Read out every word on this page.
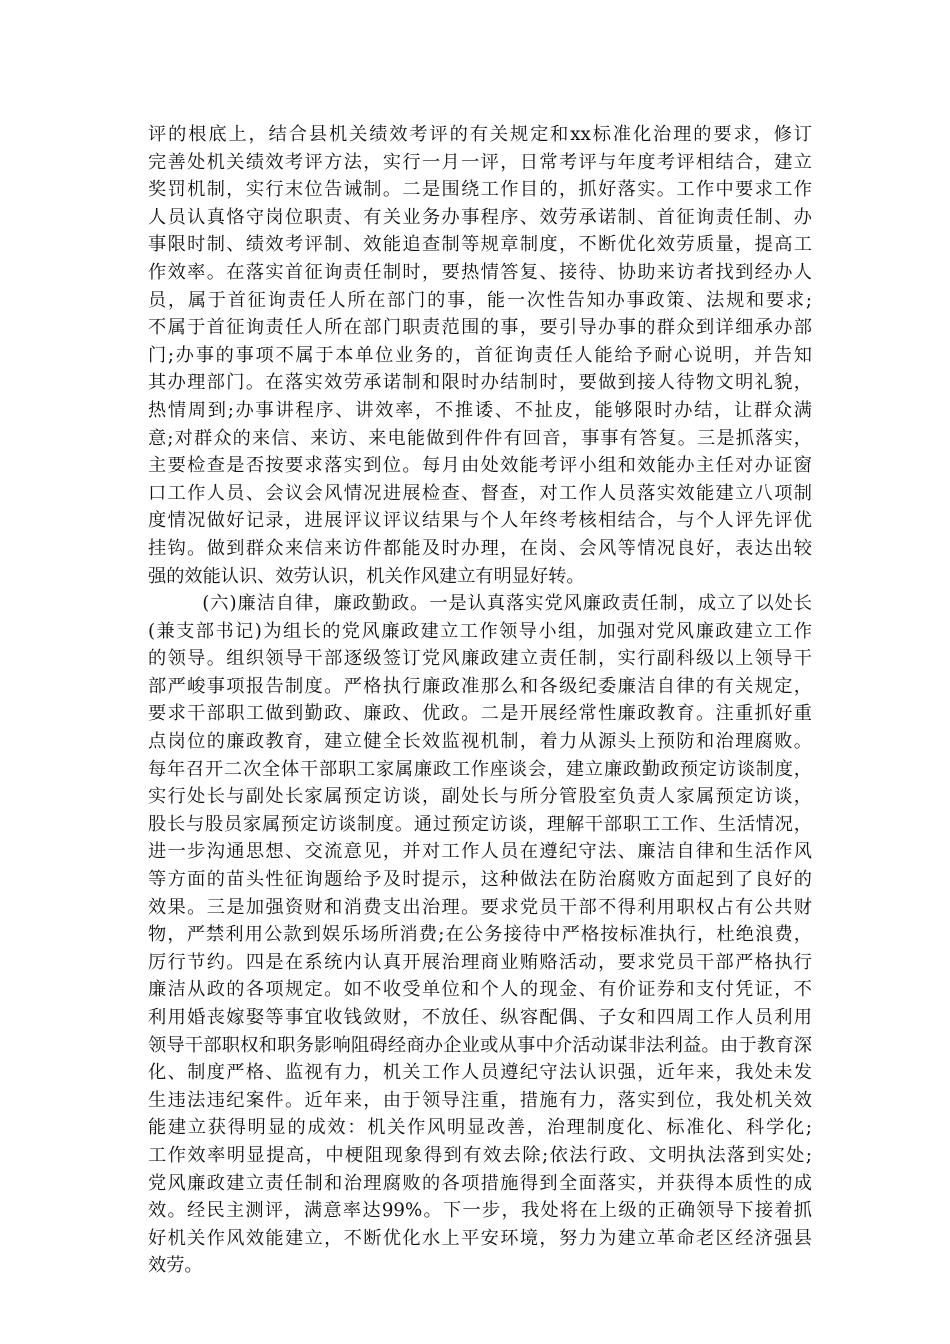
评的根底上，结合县机关绩效考评的有关规定和xx标准化治理的要求，修订
完善处机关绩效考评方法，实行一月一评，日常考评与年度考评相结合，建立
奖罚机制，实行末位告诫制。二是围绕工作目的，抓好落实。工作中要求工作
人员认真恪守岗位职责、有关业务办事程序、效劳承诺制、首征询责任制、办
事限时制、绩效考评制、效能追查制等规章制度，不断优化效劳质量，提高工
作效率。在落实首征询责任制时，要热情答复、接待、协助来访者找到经办人
员，属于首征询责任人所在部门的事，能一次性告知办事政策、法规和要求;
不属于首征询责任人所在部门职责范围的事，要引导办事的群众到详细承办部
门;办事的事项不属于本单位业务的，首征询责任人能给予耐心说明，并告知
其办理部门。在落实效劳承诺制和限时办结制时，要做到接人待物文明礼貌，
热情周到;办事讲程序、讲效率，不推诿、不扯皮，能够限时办结，让群众满
意;对群众的来信、来访、来电能做到件件有回音，事事有答复。三是抓落实，
主要检查是否按要求落实到位。每月由处效能考评小组和效能办主任对办证窗
口工作人员、会议会风情况进展检查、督查，对工作人员落实效能建立八项制
度情况做好记录，进展评议评议结果与个人年终考核相结合，与个人评先评优
挂钩。做到群众来信来访件都能及时办理，在岗、会风等情况良好，表达出较
强的效能认识、效劳认识，机关作风建立有明显好转。
(六)廉洁自律，廉政勤政。一是认真落实党风廉政责任制，成立了以处长
(兼支部书记)为组长的党风廉政建立工作领导小组，加强对党风廉政建立工作
的领导。组织领导干部逐级签订党风廉政建立责任制，实行副科级以上领导干
部严峻事项报告制度。严格执行廉政准那么和各级纪委廉洁自律的有关规定，
要求干部职工做到勤政、廉政、优政。二是开展经常性廉政教育。注重抓好重
点岗位的廉政教育，建立健全长效监视机制，着力从源头上预防和治理腐败。
每年召开二次全体干部职工家属廉政工作座谈会，建立廉政勤政预定访谈制度，
实行处长与副处长家属预定访谈，副处长与所分管股室负责人家属预定访谈，
股长与股员家属预定访谈制度。通过预定访谈，理解干部职工工作、生活情况，
进一步沟通思想、交流意见，并对工作人员在遵纪守法、廉洁自律和生活作风
等方面的苗头性征询题给予及时提示，这种做法在防治腐败方面起到了良好的
效果。三是加强资财和消费支出治理。要求党员干部不得利用职权占有公共财
物，严禁利用公款到娱乐场所消费;在公务接待中严格按标准执行，杜绝浪费，
厉行节约。四是在系统内认真开展治理商业贿赂活动，要求党员干部严格执行
廉洁从政的各项规定。如不收受单位和个人的现金、有价证券和支付凭证，不
利用婚丧嫁娶等事宜收钱敛财，不放任、纵容配偶、子女和四周工作人员利用
领导干部职权和职务影响阻碍经商办企业或从事中介活动谋非法利益。由于教育深
化、制度严格、监视有力，机关工作人员遵纪守法认识强，近年来，我处未发
生违法违纪案件。近年来，由于领导注重，措施有力，落实到位，我处机关效
能建立获得明显的成效：机关作风明显改善，治理制度化、标准化、科学化;
工作效率明显提高，中梗阻现象得到有效去除;依法行政、文明执法落到实处;
党风廉政建立责任制和治理腐败的各项措施得到全面落实，并获得本质性的成
效。经民主测评，满意率达99%。下一步，我处将在上级的正确领导下接着抓
好机关作风效能建立，不断优化水上平安环境，努力为建立革命老区经济强县
效劳。
